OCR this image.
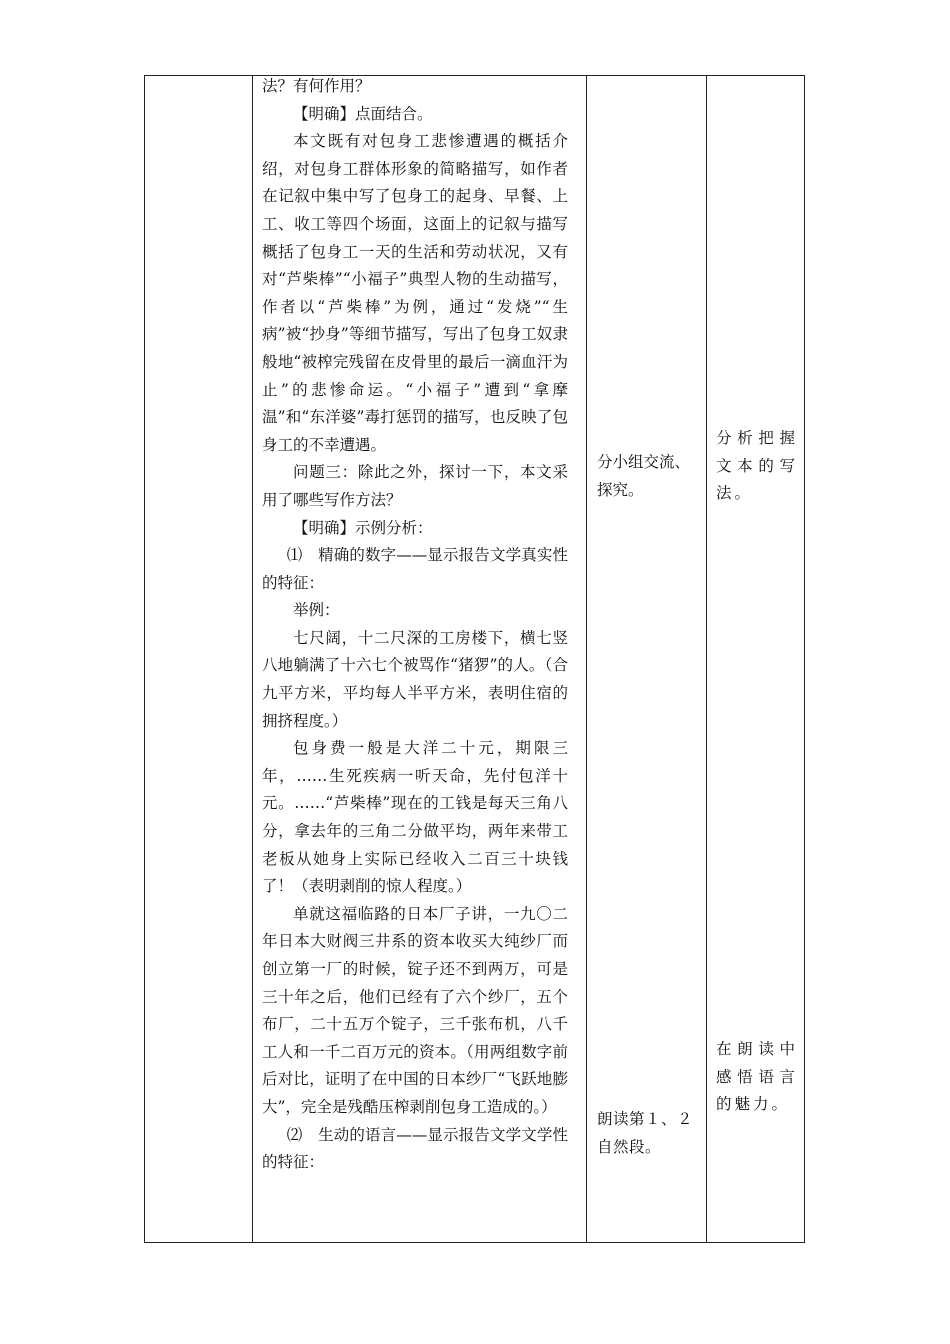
法？有何作用？

【明确】点面结合。

本文既有对包身工悲惨遭遇的概括介绍，对包身工群体形象的简略描写，如作者在记叙中集中写了包身工的起身、早餐、上工、收工等四个场面，这面上的记叙与描写概括了包身工一天的生活和劳动状况，又有对“芦柴棒”“小福子”典型人物的生动描写，作者以“芦柴棒”为例，通过“发烧”“生病”被“抄身”等细节描写，写出了包身工奴隶般地“被榨完残留在皮骨里的最后一滴血汗为止”的悲惨命运。“小福子”遭到“拿摩温”和“东洋婆”毒打惩罚的描写，也反映了包身工的不幸遭遇。

问题三：除此之外，探讨一下，本文采用了哪些写作方法？

【明确】示例分析：

⑴　精确的数字——显示报告文学真实性的特征：

举例：

七尺阔，十二尺深的工房楼下，横七竖八地躺满了十六七个被骂作“猪猡”的人。（合九平方米，平均每人半平方米，表明住宿的拥挤程度。）

包身费一般是大洋二十元，期限三年，……生死疾病一听天命，先付包洋十元。……“芦柴棒”现在的工钱是每天三角八分，拿去年的三角二分做平均，两年来带工老板从她身上实际已经收入二百三十块钱了！（表明剥削的惊人程度。）

单就这福临路的日本厂子讲，一九〇二年日本大财阀三井系的资本收买大纯纱厂而创立第一厂的时候，锭子还不到两万，可是三十年之后，他们已经有了六个纱厂，五个布厂，二十五万个锭子，三千张布机，八千工人和一千二百万元的资本。（用两组数字前后对比，证明了在中国的日本纱厂“飞跃地膨大”，完全是残酷压榨剥削包身工造成的。）

⑵　生动的语言——显示报告文学文学性的特征：

分小组交流、探究。

朗读第１、２自然段。

分析把握文本的写法。

在朗读中感悟语言的魅力。
